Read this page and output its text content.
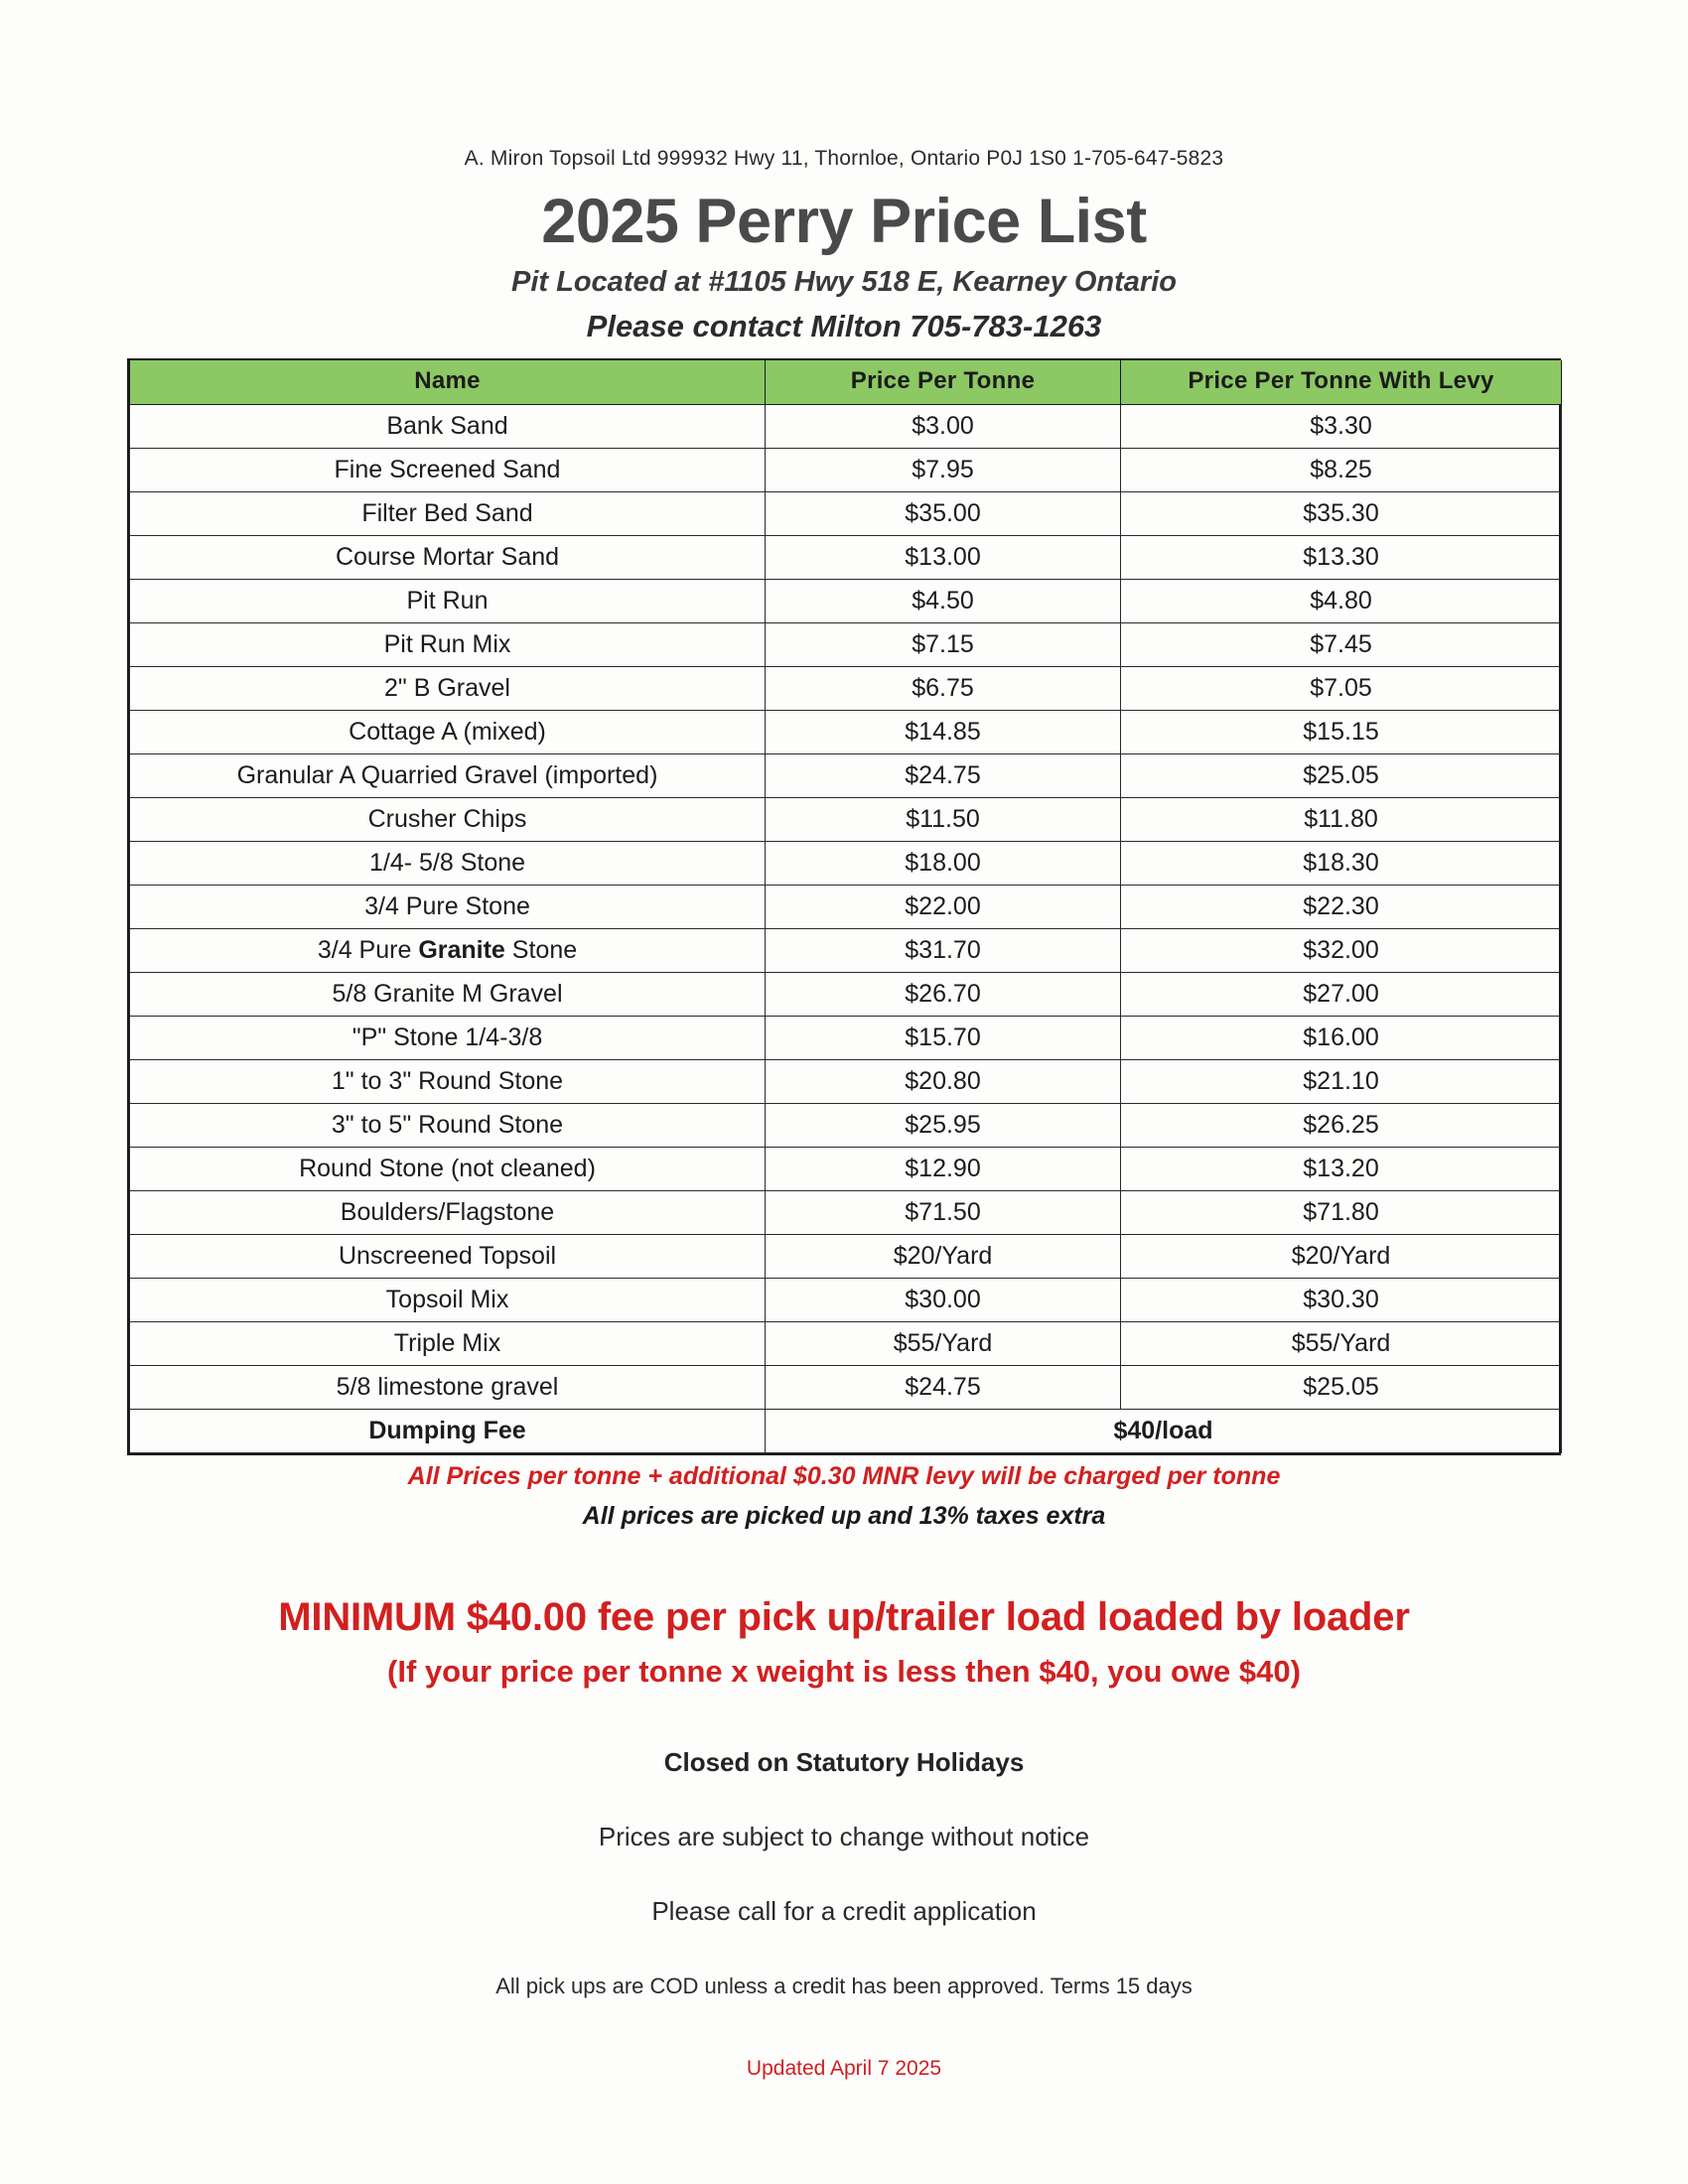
A. Miron Topsoil Ltd 999932 Hwy 11, Thornloe, Ontario P0J 1S0 1-705-647-5823
2025 Perry Price List
Pit Located at #1105 Hwy 518 E, Kearney Ontario
Please contact Milton 705-783-1263
Name	Price Per Tonne	Price Per Tonne With Levy
Bank Sand	$3.00	$3.30
Fine Screened Sand	$7.95	$8.25
Filter Bed Sand	$35.00	$35.30
Course Mortar Sand	$13.00	$13.30
Pit Run	$4.50	$4.80
Pit Run Mix	$7.15	$7.45
2" B Gravel	$6.75	$7.05
Cottage A (mixed)	$14.85	$15.15
Granular A Quarried Gravel (imported)	$24.75	$25.05
Crusher Chips	$11.50	$11.80
1/4- 5/8 Stone	$18.00	$18.30
3/4 Pure Stone	$22.00	$22.30
3/4 Pure Granite Stone	$31.70	$32.00
5/8 Granite M Gravel	$26.70	$27.00
"P" Stone 1/4-3/8	$15.70	$16.00
1" to 3" Round Stone	$20.80	$21.10
3" to 5" Round Stone	$25.95	$26.25
Round Stone (not cleaned)	$12.90	$13.20
Boulders/Flagstone	$71.50	$71.80
Unscreened Topsoil	$20/Yard	$20/Yard
Topsoil Mix	$30.00	$30.30
Triple Mix	$55/Yard	$55/Yard
5/8 limestone gravel	$24.75	$25.05
Dumping Fee	$40/load	
All Prices per tonne + additional $0.30 MNR levy will be charged per tonne
All prices are picked up and 13% taxes extra
MINIMUM $40.00 fee per pick up/trailer load loaded by loader
(If your price per tonne x weight is less then $40, you owe $40)
Closed on Statutory Holidays
Prices are subject to change without notice
Please call for a credit application
All pick ups are COD unless a credit has been approved. Terms 15 days
Updated April 7 2025
